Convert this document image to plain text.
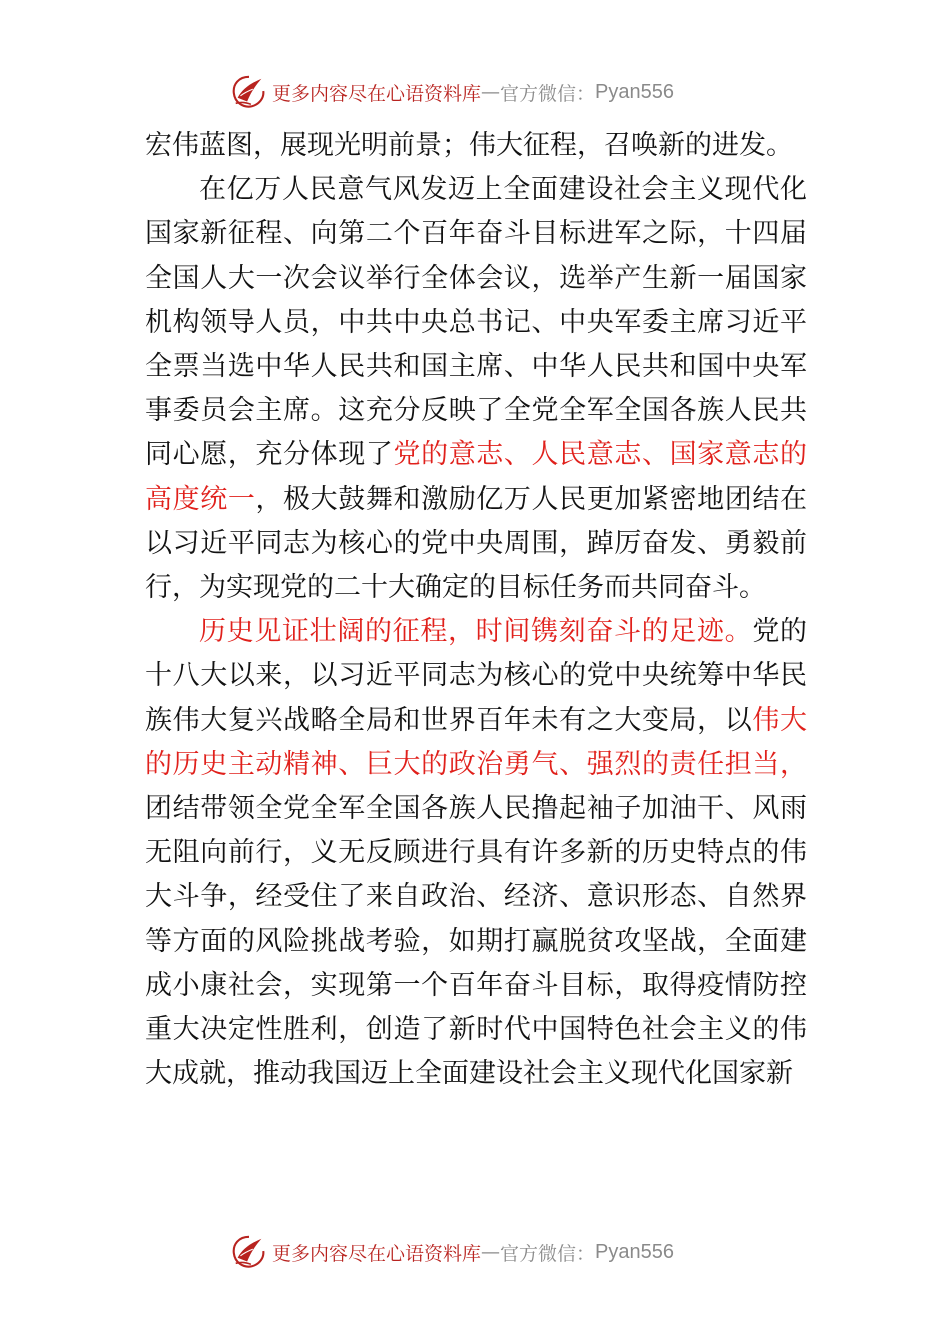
更多内容尽在心语资料库 — 官方微信： Pyan556

宏伟蓝图，展现光明前景；伟大征程，召唤新的进发。

在亿万人民意气风发迈上全面建设社会主义现代化国家新征程、向第二个百年奋斗目标进军之际，十四届全国人大一次会议举行全体会议，选举产生新一届国家机构领导人员，中共中央总书记、中央军委主席习近平全票当选中华人民共和国主席、中华人民共和国中央军事委员会主席。这充分反映了全党全军全国各族人民共同心愿，充分体现了党的意志、人民意志、国家意志的高度统一，极大鼓舞和激励亿万人民更加紧密地团结在以习近平同志为核心的党中央周围，踔厉奋发、勇毅前行，为实现党的二十大确定的目标任务而共同奋斗。

历史见证壮阔的征程，时间镌刻奋斗的足迹。党的十八大以来，以习近平同志为核心的党中央统筹中华民族伟大复兴战略全局和世界百年未有之大变局，以伟大的历史主动精神、巨大的政治勇气、强烈的责任担当，团结带领全党全军全国各族人民撸起袖子加油干、风雨无阻向前行，义无反顾进行具有许多新的历史特点的伟大斗争，经受住了来自政治、经济、意识形态、自然界等方面的风险挑战考验，如期打赢脱贫攻坚战，全面建成小康社会，实现第一个百年奋斗目标，取得疫情防控重大决定性胜利，创造了新时代中国特色社会主义的伟大成就，推动我国迈上全面建设社会主义现代化国家新

更多内容尽在心语资料库 — 官方微信： Pyan556
